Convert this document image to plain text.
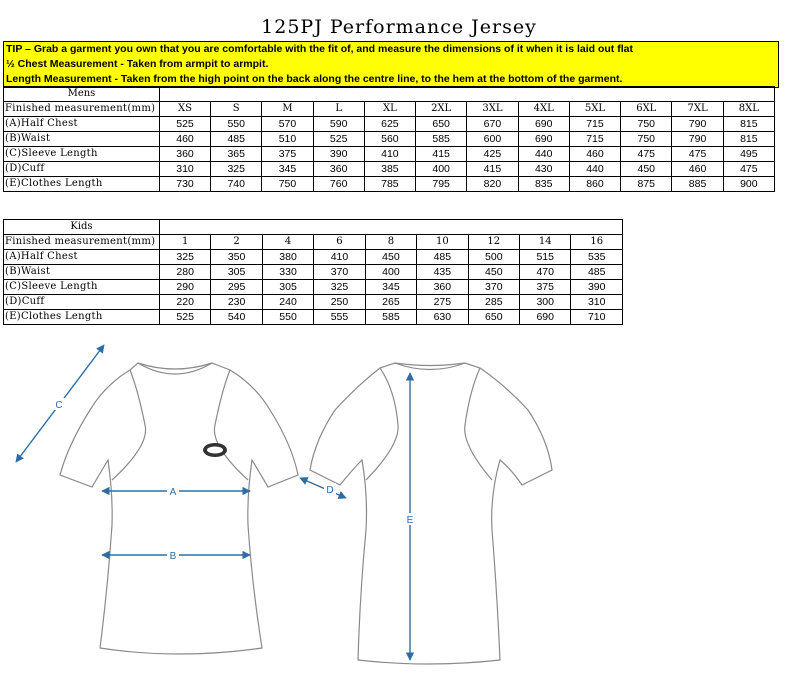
125PJ Performance Jersey
TIP – Grab a garment you own that you are comfortable with the fit of, and measure the dimensions of it when it is laid out flat
½ Chest Measurement - Taken from armpit to armpit.
Length Measurement - Taken from the high point on the back along the centre line, to the hem at the bottom of the garment.
Mens												
Finished measurement(mm)	XS	S	M	L	XL	2XL	3XL	4XL	5XL	6XL	7XL	8XL
(A)Half Chest	525	550	570	590	625	650	670	690	715	750	790	815
(B)Waist	460	485	510	525	560	585	600	690	715	750	790	815
(C)Sleeve Length	360	365	375	390	410	415	425	440	460	475	475	495
(D)Cuff	310	325	345	360	385	400	415	430	440	450	460	475
(E)Clothes Length	730	740	750	760	785	795	820	835	860	875	885	900
Kids									
Finished measurement(mm)	1	2	4	6	8	10	12	14	16
(A)Half Chest	325	350	380	410	450	485	500	515	535
(B)Waist	280	305	330	370	400	435	450	470	485
(C)Sleeve Length	290	295	305	325	345	360	370	375	390
(D)Cuff	220	230	240	250	265	275	285	300	310
(E)Clothes Length	525	540	550	555	585	630	650	690	710
A
B
C
D
E
